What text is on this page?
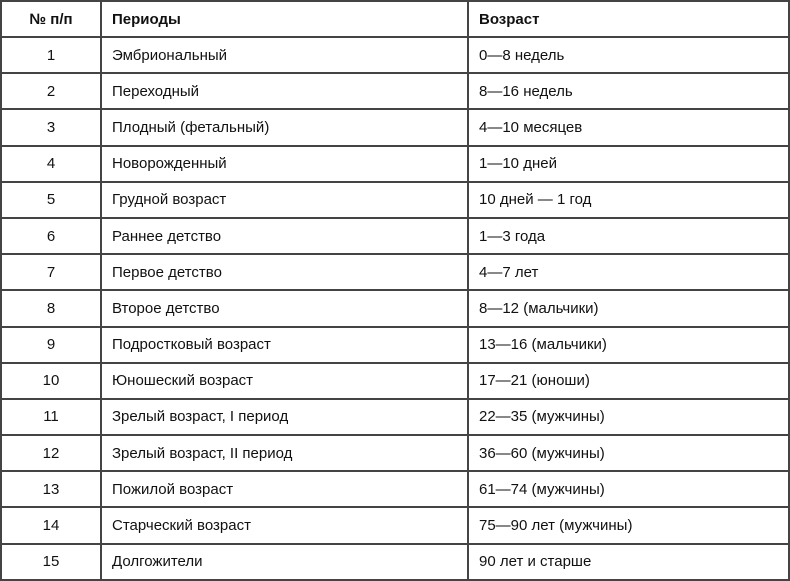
№ п/п	Периоды	Возраст
1	Эмбриональный	0—8 недель
2	Переходный	8—16 недель
3	Плодный (фетальный)	4—10 месяцев
4	Новорожденный	1—10 дней
5	Грудной возраст	10 дней — 1 год
6	Раннее детство	1—3 года
7	Первое детство	4—7 лет
8	Второе детство	8—12 (мальчики)
9	Подростковый возраст	13—16 (мальчики)
10	Юношеский возраст	17—21 (юноши)
11	Зрелый возраст, I период	22—35 (мужчины)
12	Зрелый возраст, II период	36—60 (мужчины)
13	Пожилой возраст	61—74 (мужчины)
14	Старческий возраст	75—90 лет (мужчины)
15	Долгожители	90 лет и старше
